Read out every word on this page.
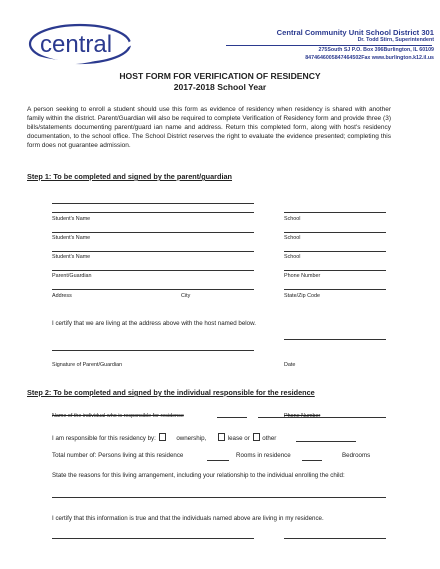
central	Central Community Unit School District 301
Dr. Todd Stirn, Superintendent
275South SJ P.O. Box 396Burlington, IL 60109
8474646005847464502Fax www.burlington.k12.il.us
HOST FORM FOR VERIFICATION OF RESIDENCY
2017-2018 School Year
A person seeking to enroll a student should use this form as evidence of residency when residency is shared with another family within the district. Parent/Guardian will also be required to complete Verification of Residency form and provide three (3) bills/statements documenting parent/guard ian name and address. Return this completed form, along with host's residency documentation, to the school office. The School District reserves the right to evaluate the evidence presented; completing this form does not guarantee admission.
Step 1: To be completed and signed by the parent/guardian
Student's Name	School
Student's Name	School
Student's Name	School
Parent/Guardian	Phone Number
Address	City	State/Zip Code
I certify that we are living at the address above with the host named below.
Signature of Parent/Guardian	Date
Step 2: To be completed and signed by the individual responsible for the residence
Name of the individual who is responsible for residence	Phone Number
I am responsible for this residency by:	ownership,	lease or other
Total number of: Persons living at this residence	Rooms in residence	Bedrooms
State the reasons for this living arrangement, including your relationship to the individual enrolling the child:
I certify that this information is true and that the individuals named above are living in my residence.
